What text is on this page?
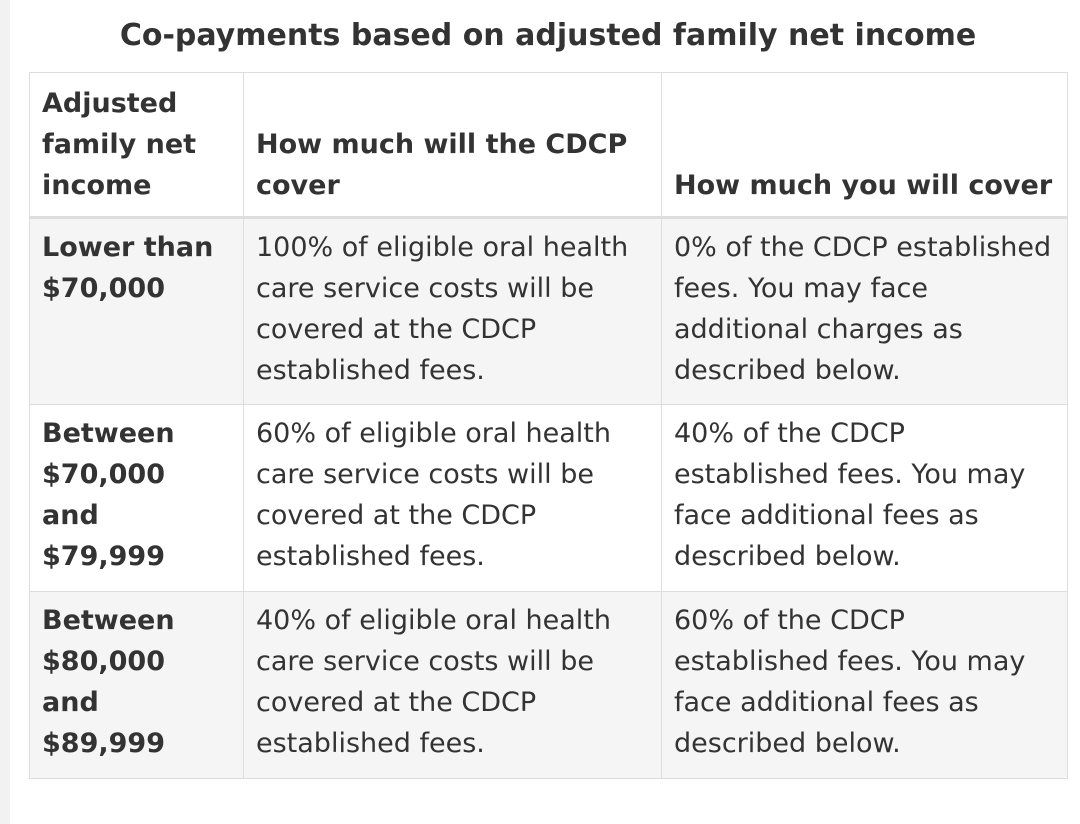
Co-payments based on adjusted family net income
Adjusted family net income	How much will the CDCP cover	How much you will cover
Lower than $70,000	100% of eligible oral health care service costs will be covered at the CDCP established fees.	0% of the CDCP established fees. You may face additional charges as described below.
Between $70,000 and $79,999	60% of eligible oral health care service costs will be covered at the CDCP established fees.	40% of the CDCP established fees. You may face additional fees as described below.
Between $80,000 and $89,999	40% of eligible oral health care service costs will be covered at the CDCP established fees.	60% of the CDCP established fees. You may face additional fees as described below.
